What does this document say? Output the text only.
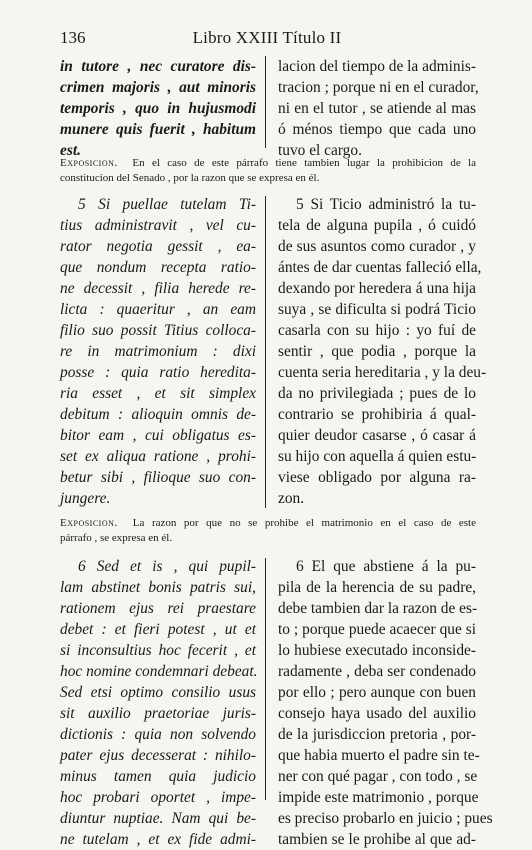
136	Libro XXIII Título II
in tutore , nec curatore dis-
crimen majoris , aut minoris
temporis , quo in hujusmodi
munere quis fuerit , habitum
est.
lacion del tiempo de la adminis-
tracion ; porque ni en el curador,
ni en el tutor , se atiende al mas
ó ménos tiempo que cada uno
tuvo el cargo.
Exposicion. En el caso de este párrafo tiene tambien lugar la prohibicion de la
constitucion del Senado , por la razon que se expresa en él.
5 Si puellae tutelam Ti-
tius administravit , vel cu-
rator negotia gessit , ea-
que nondum recepta ratio-
ne decessit , filia herede re-
licta : quaeritur , an eam
filio suo possit Titius colloca-
re in matrimonium : dixi
posse : quia ratio heredita-
ria esset , et sit simplex
debitum : alioquin omnis de-
bitor eam , cui obligatus es-
set ex aliqua ratione , prohi-
betur sibi , filioque suo con-
jungere.
5 Si Ticio administró la tu-
tela de alguna pupila , ó cuidó
de sus asuntos como curador , y
ántes de dar cuentas falleció ella,
dexando por heredera á una hija
suya , se dificulta si podrá Ticio
casarla con su hijo : yo fuí de
sentir , que podia , porque la
cuenta seria hereditaria , y la deu-
da no privilegiada ; pues de lo
contrario se prohibiria á qual-
quier deudor casarse , ó casar á
su hijo con aquella á quien estu-
viese obligado por alguna ra-
zon.
Exposicion. La razon por que no se prohibe el matrimonio en el caso de este
párrafo , se expresa en él.
6 Sed et is , qui pupil-
lam abstinet bonis patris sui,
rationem ejus rei praestare
debet : et fieri potest , ut et
si inconsultius hoc fecerit , et
hoc nomine condemnari debeat.
Sed etsi optimo consilio usus
sit auxilio praetoriae juris-
dictionis : quia non solvendo
pater ejus decesserat : nihilo-
minus tamen quia judicio
hoc probari oportet , impe-
diuntur nuptiae. Nam qui be-
ne tutelam , et ex fide admi-
6 El que abstiene á la pu-
pila de la herencia de su padre,
debe tambien dar la razon de es-
to ; porque puede acaecer que si
lo hubiese executado inconside-
radamente , deba ser condenado
por ello ; pero aunque con buen
consejo haya usado del auxilio
de la jurisdiccion pretoria , por-
que habia muerto el padre sin te-
ner con qué pagar , con todo , se
impide este matrimonio , porque
es preciso probarlo en juicio ; pues
tambien se le prohibe al que ad-
